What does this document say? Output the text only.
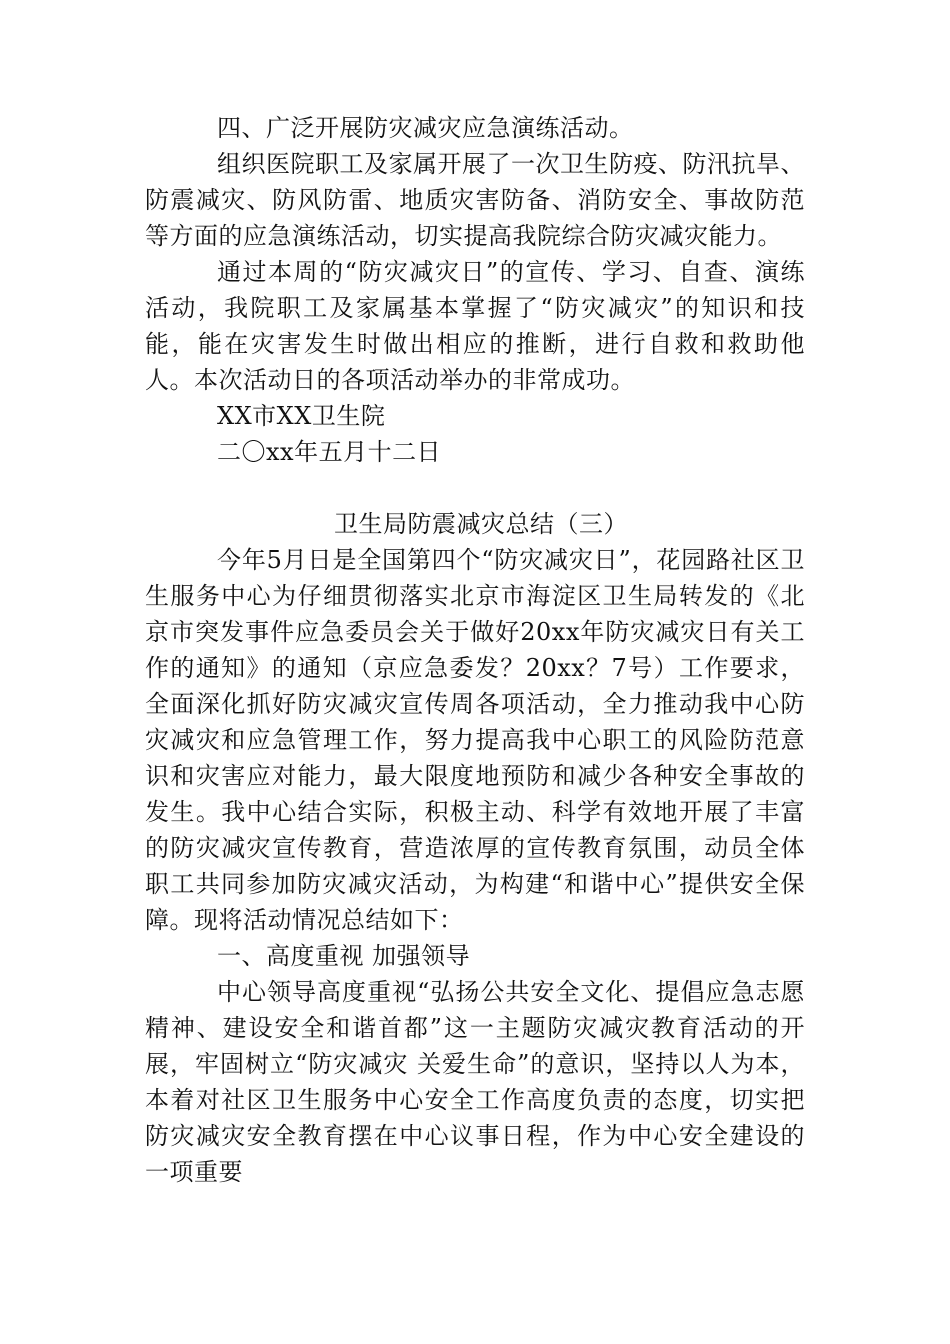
四、广泛开展防灾减灾应急演练活动。

组织医院职工及家属开展了一次卫生防疫、防汛抗旱、防震减灾、防风防雷、地质灾害防备、消防安全、事故防范等方面的应急演练活动，切实提高我院综合防灾减灾能力。

通过本周的“防灾减灾日”的宣传、学习、自查、演练活动，我院职工及家属基本掌握了“防灾减灾”的知识和技能，能在灾害发生时做出相应的推断，进行自救和救助他人。本次活动日的各项活动举办的非常成功。

XX市XX卫生院

二〇xx年五月十二日

卫生局防震减灾总结（三）

今年5月日是全国第四个“防灾减灾日”，花园路社区卫生服务中心为仔细贯彻落实北京市海淀区卫生局转发的《北京市突发事件应急委员会关于做好20xx年防灾减灾日有关工作的通知》的通知（京应急委发？20xx？7号）工作要求，全面深化抓好防灾减灾宣传周各项活动，全力推动我中心防灾减灾和应急管理工作，努力提高我中心职工的风险防范意识和灾害应对能力，最大限度地预防和减少各种安全事故的发生。我中心结合实际，积极主动、科学有效地开展了丰富的防灾减灾宣传教育，营造浓厚的宣传教育氛围，动员全体职工共同参加防灾减灾活动，为构建“和谐中心”提供安全保障。现将活动情况总结如下：

一、高度重视 加强领导

中心领导高度重视“弘扬公共安全文化、提倡应急志愿精神、建设安全和谐首都”这一主题防灾减灾教育活动的开展，牢固树立“防灾减灾 关爱生命”的意识，坚持以人为本，本着对社区卫生服务中心安全工作高度负责的态度，切实把防灾减灾安全教育摆在中心议事日程，作为中心安全建设的一项重要
